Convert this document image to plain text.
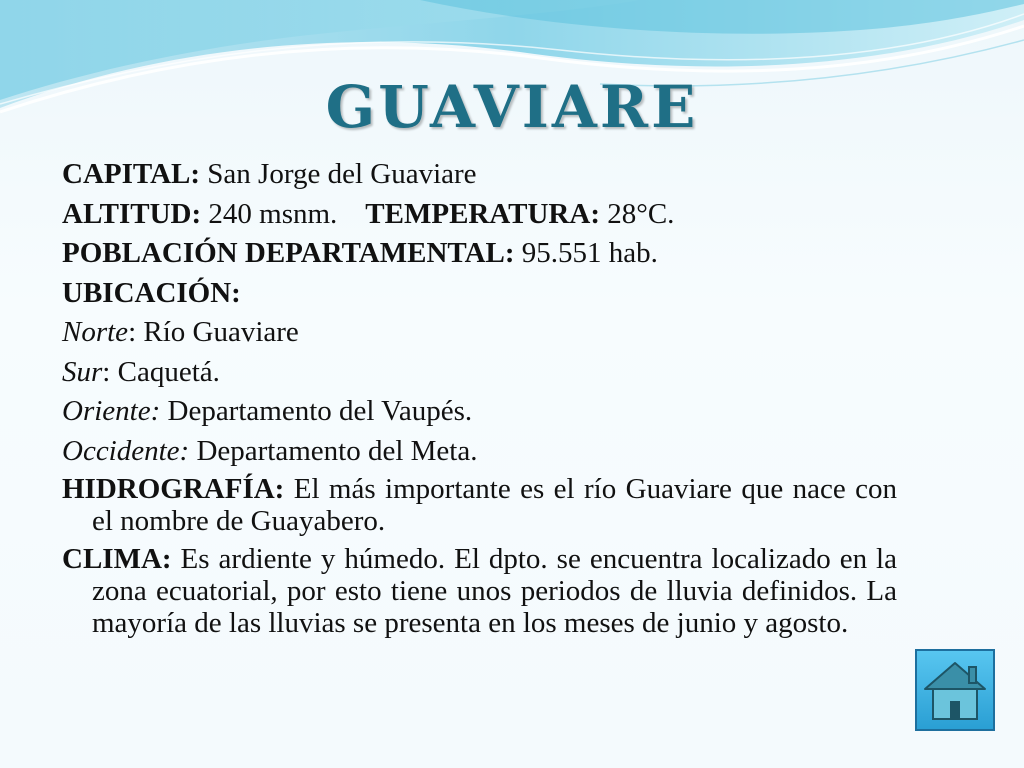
GUAVIARE

CAPITAL: San Jorge del Guaviare

ALTITUD: 240 msnm. TEMPERATURA: 28°C.

POBLACIÓN DEPARTAMENTAL: 95.551 hab.

UBICACIÓN:

Norte: Río Guaviare

Sur: Caquetá.

Oriente: Departamento del Vaupés.

Occidente: Departamento del Meta.

HIDROGRAFÍA: El más importante es el río Guaviare que nace con el nombre de Guayabero.

CLIMA: Es ardiente y húmedo. El dpto. se encuentra localizado en la zona ecuatorial, por esto tiene unos periodos de lluvia definidos. La mayoría de las lluvias se presenta en los meses de junio y agosto.
